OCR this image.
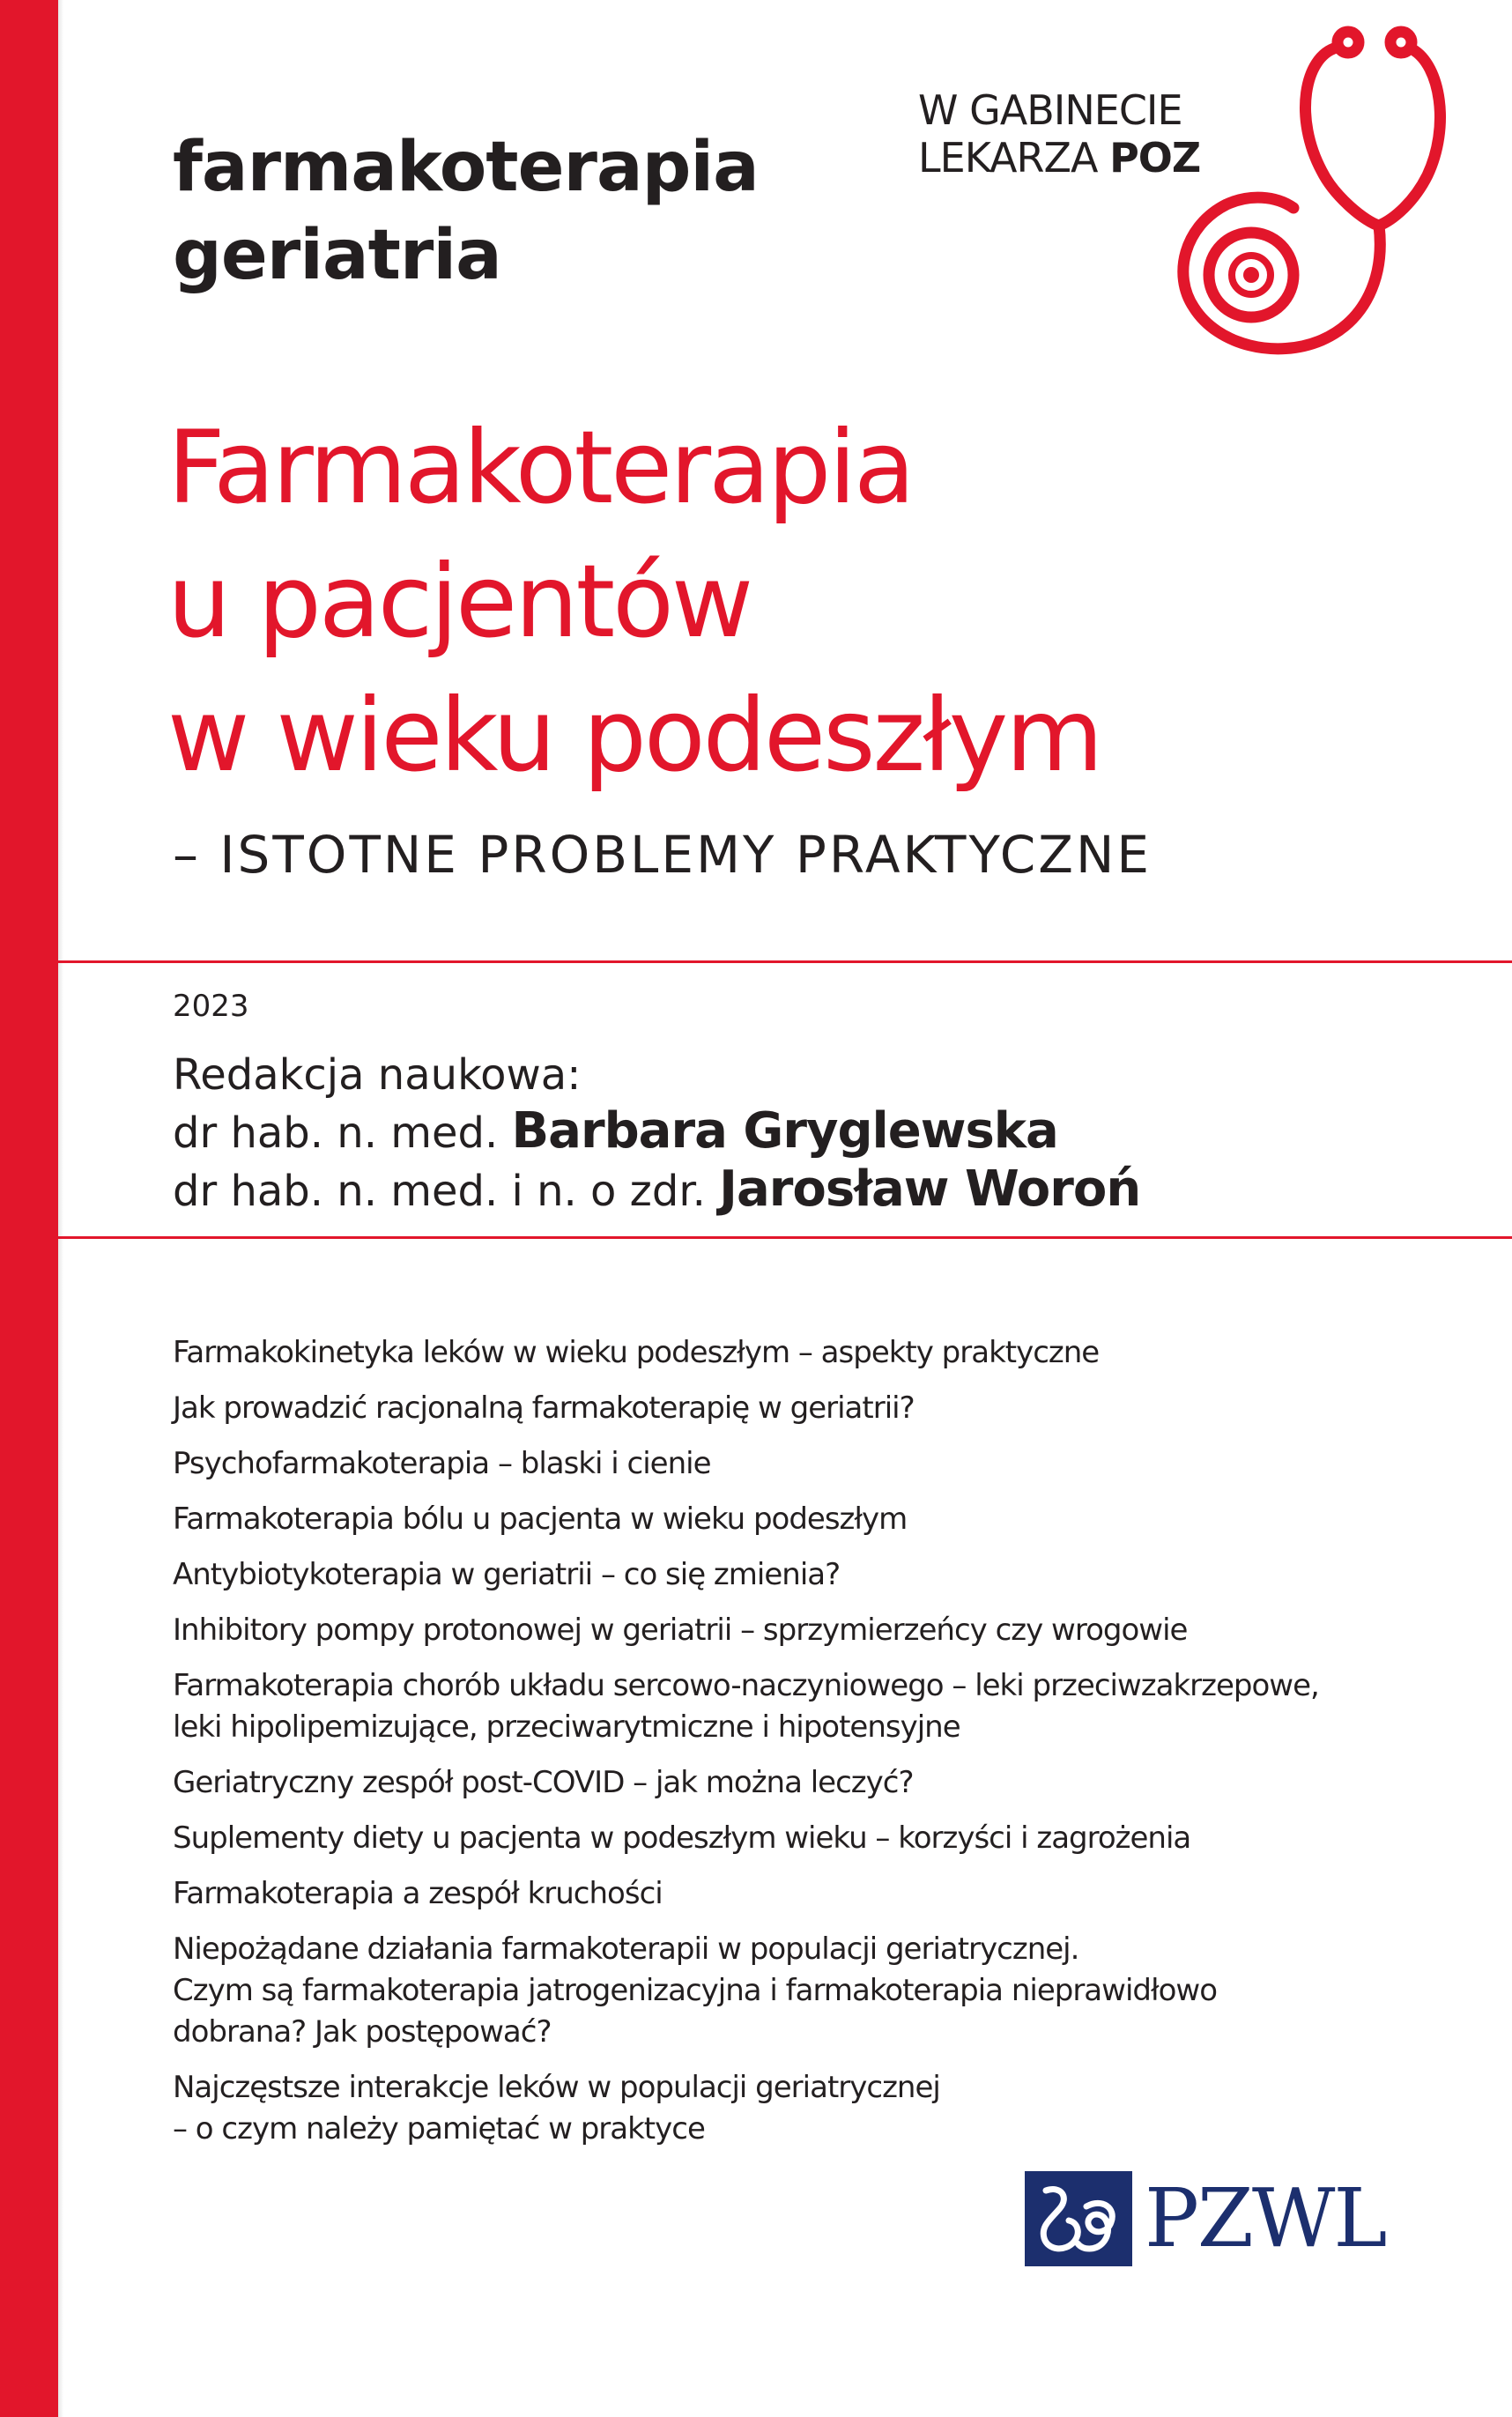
farmakoterapia
geriatria
W GABINECIE
LEKARZA POZ
Farmakoterapia
u pacjentów
w wieku podeszłym
– ISTOTNE PROBLEMY PRAKTYCZNE
2023
Redakcja naukowa:
dr hab. n. med. Barbara Gryglewska
dr hab. n. med. i n. o zdr. Jarosław Woroń
Farmakokinetyka leków w wieku podeszłym – aspekty praktyczne
Jak prowadzić racjonalną farmakoterapię w geriatrii?
Psychofarmakoterapia – blaski i cienie
Farmakoterapia bólu u pacjenta w wieku podeszłym
Antybiotykoterapia w geriatrii – co się zmienia?
Inhibitory pompy protonowej w geriatrii – sprzymierzeńcy czy wrogowie
Farmakoterapia chorób układu sercowo-naczyniowego – leki przeciwzakrzepowe,
leki hipolipemizujące, przeciwarytmiczne i hipotensyjne
Geriatryczny zespół post-COVID – jak można leczyć?
Suplementy diety u pacjenta w podeszłym wieku – korzyści i zagrożenia
Farmakoterapia a zespół kruchości
Niepożądane działania farmakoterapii w populacji geriatrycznej.
Czym są farmakoterapia jatrogenizacyjna i farmakoterapia nieprawidłowo
dobrana? Jak postępować?
Najczęstsze interakcje leków w populacji geriatrycznej
– o czym należy pamiętać w praktyce
PZWL
